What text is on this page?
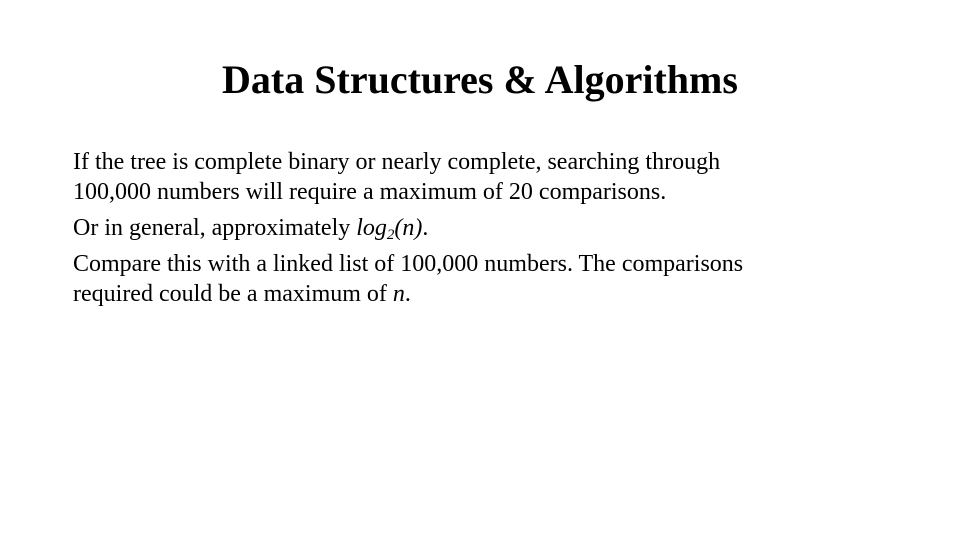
Data Structures & Algorithms

If the tree is complete binary or nearly complete, searching through
100,000 numbers will require a maximum of 20 comparisons.

Or in general, approximately $\log_2(n)$.

Compare this with a linked list of 100,000 numbers. The comparisons
required could be a maximum of n.
